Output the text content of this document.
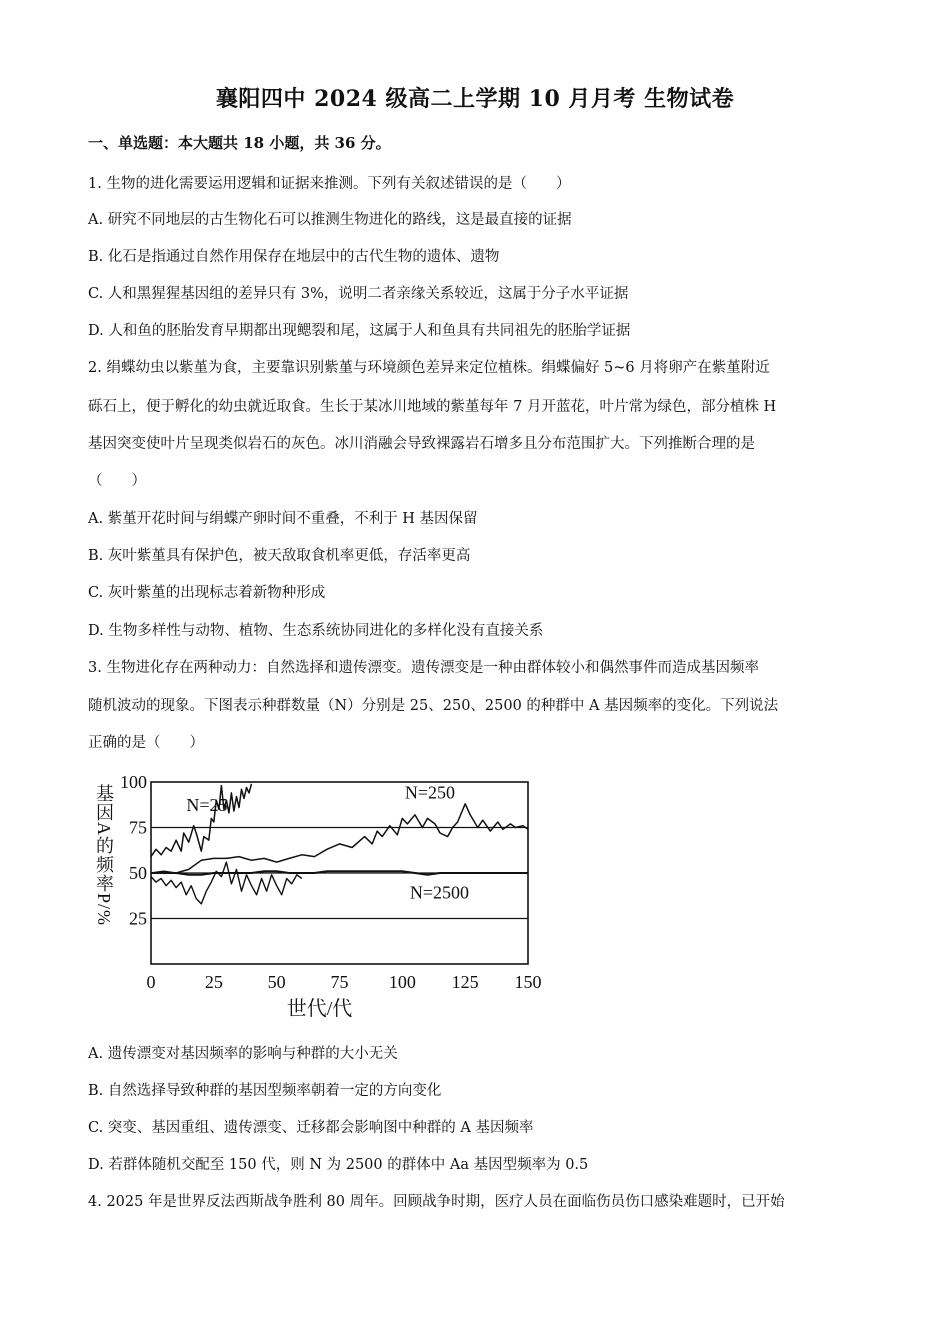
襄阳四中 2024 级高二上学期 10 月月考 生物试卷
一、单选题：本大题共 18 小题，共 36 分。
1. 生物的进化需要运用逻辑和证据来推测。下列有关叙述错误的是（　　）
A. 研究不同地层的古生物化石可以推测生物进化的路线，这是最直接的证据
B. 化石是指通过自然作用保存在地层中的古代生物的遗体、遗物
C. 人和黑猩猩基因组的差异只有 3%，说明二者亲缘关系较近，这属于分子水平证据
D. 人和鱼的胚胎发育早期都出现鳃裂和尾，这属于人和鱼具有共同祖先的胚胎学证据
2. 绢蝶幼虫以紫堇为食，主要靠识别紫堇与环境颜色差异来定位植株。绢蝶偏好 5~6 月将卵产在紫堇附近
砾石上，便于孵化的幼虫就近取食。生长于某冰川地域的紫堇每年 7 月开蓝花，叶片常为绿色，部分植株 H
基因突变使叶片呈现类似岩石的灰色。冰川消融会导致裸露岩石增多且分布范围扩大。下列推断合理的是
（　　）
A. 紫堇开花时间与绢蝶产卵时间不重叠，不利于 H 基因保留
B. 灰叶紫堇具有保护色，被天敌取食机率更低，存活率更高
C. 灰叶紫堇的出现标志着新物种形成
D. 生物多样性与动物、植物、生态系统协同进化的多样化没有直接关系
3. 生物进化存在两种动力：自然选择和遗传漂变。遗传漂变是一种由群体较小和偶然事件而造成基因频率
随机波动的现象。下图表示种群数量（N）分别是 25、250、2500 的种群中 A 基因频率的变化。下列说法
正确的是（　　）
0	25 50 75 100 125 150
25
50
75
100
世代/代
基因A的频率P/%	N=25
N=250
N=2500
A. 遗传漂变对基因频率的影响与种群的大小无关
B. 自然选择导致种群的基因型频率朝着一定的方向变化
C. 突变、基因重组、遗传漂变、迁移都会影响图中种群的 A 基因频率
D. 若群体随机交配至 150 代，则 N 为 2500 的群体中 Aa 基因型频率为 0.5
4. 2025 年是世界反法西斯战争胜利 80 周年。回顾战争时期，医疗人员在面临伤员伤口感染难题时，已开始
